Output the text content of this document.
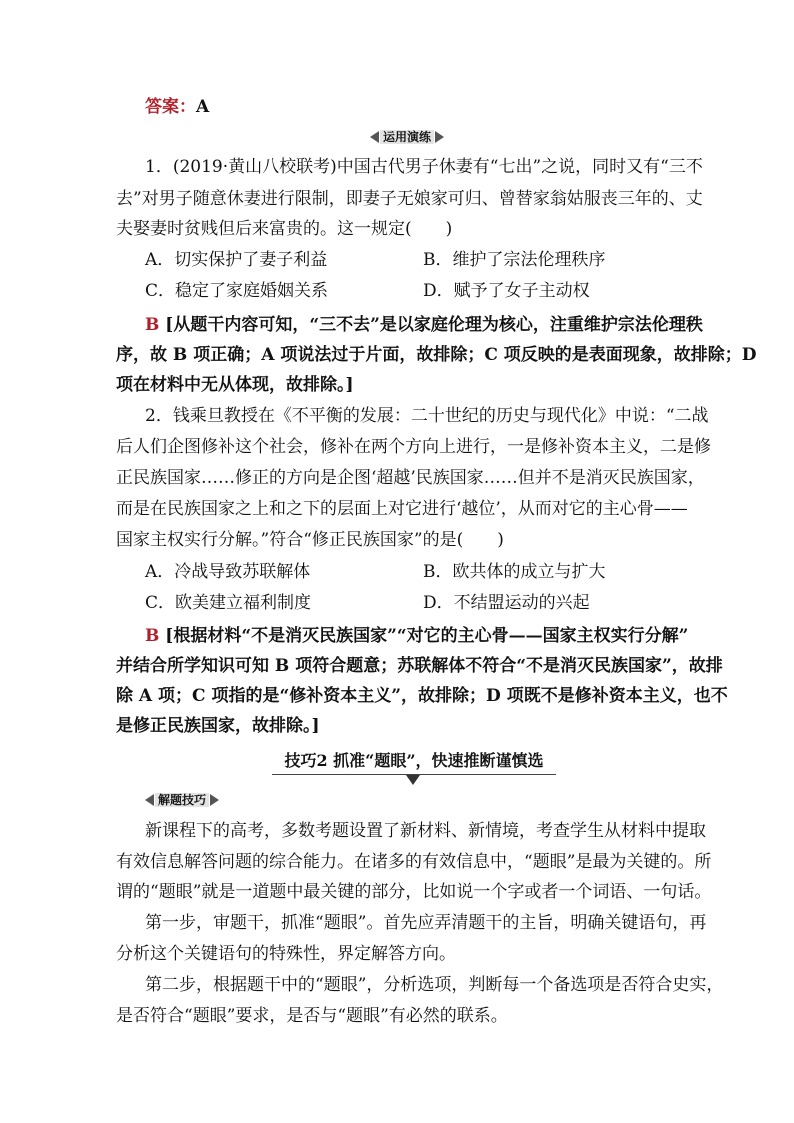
答案：A
运用演练
1．(2019·黄山八校联考)中国古代男子休妻有“七出”之说，同时又有“三不
去”对男子随意休妻进行限制，即妻子无娘家可归、曾替家翁姑服丧三年的、丈
夫娶妻时贫贱但后来富贵的。这一规定(　　)
A．切实保护了妻子利益	B．维护了宗法伦理秩序
C．稳定了家庭婚姻关系	D．赋予了女子主动权
B [从题干内容可知，“三不去”是以家庭伦理为核心，注重维护宗法伦理秩
序，故 B 项正确；A 项说法过于片面，故排除；C 项反映的是表面现象，故排除；D
项在材料中无从体现，故排除。]
2．钱乘旦教授在《不平衡的发展：二十世纪的历史与现代化》中说：“二战
后人们企图修补这个社会，修补在两个方向上进行，一是修补资本主义，二是修
正民族国家……修正的方向是企图‘超越’民族国家……但并不是消灭民族国家，
而是在民族国家之上和之下的层面上对它进行‘越位’，从而对它的主心骨——
国家主权实行分解。”符合“修正民族国家”的是(　　)
A．冷战导致苏联解体	B．欧共体的成立与扩大
C．欧美建立福利制度	D．不结盟运动的兴起
B [根据材料“不是消灭民族国家”“对它的主心骨——国家主权实行分解”
并结合所学知识可知 B 项符合题意；苏联解体不符合“不是消灭民族国家”，故排
除 A 项；C 项指的是“修补资本主义”，故排除；D 项既不是修补资本主义，也不
是修正民族国家，故排除。]
技巧2 抓准“题眼”，快速推断谨慎选
解题技巧
新课程下的高考，多数考题设置了新材料、新情境，考查学生从材料中提取
有效信息解答问题的综合能力。在诸多的有效信息中，“题眼”是最为关键的。所
谓的“题眼”就是一道题中最关键的部分，比如说一个字或者一个词语、一句话。
第一步，审题干，抓准“题眼”。首先应弄清题干的主旨，明确关键语句，再
分析这个关键语句的特殊性，界定解答方向。
第二步，根据题干中的“题眼”，分析选项，判断每一个备选项是否符合史实，
是否符合“题眼”要求，是否与“题眼”有必然的联系。
